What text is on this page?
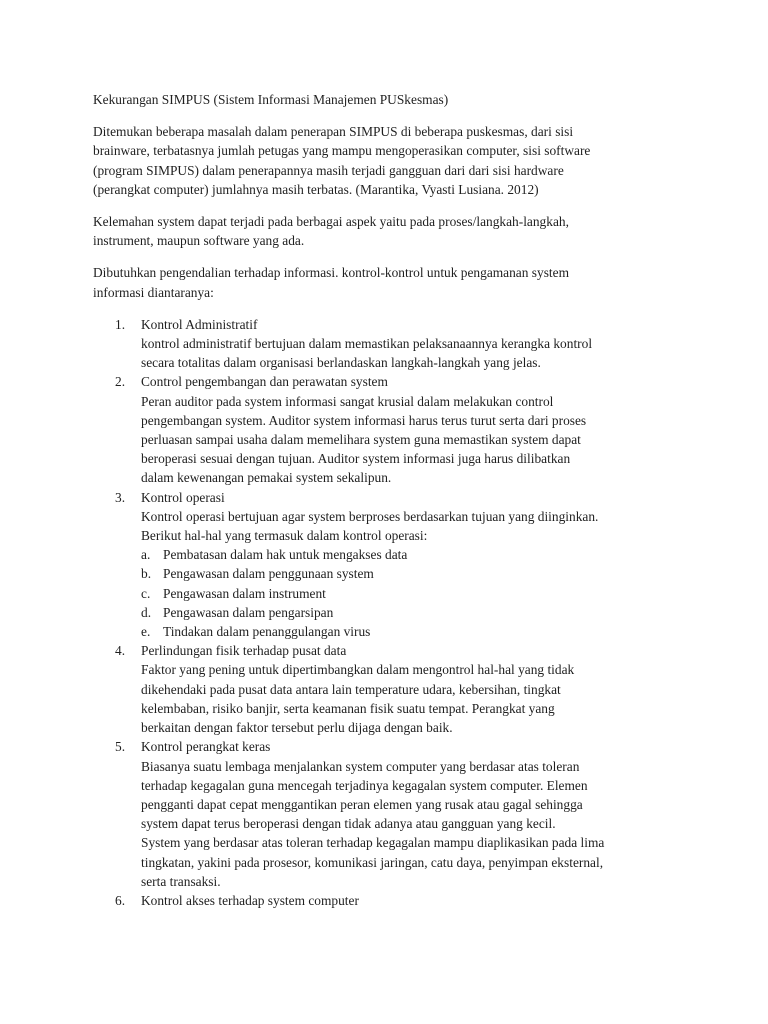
Kekurangan SIMPUS (Sistem Informasi Manajemen PUSkesmas)
Ditemukan beberapa masalah dalam penerapan SIMPUS di beberapa puskesmas, dari sisi
brainware, terbatasnya jumlah petugas yang mampu mengoperasikan computer, sisi software
(program SIMPUS) dalam penerapannya masih terjadi gangguan dari dari sisi hardware
(perangkat computer) jumlahnya masih terbatas. (Marantika, Vyasti Lusiana. 2012)
Kelemahan system dapat terjadi pada berbagai aspek yaitu pada proses/langkah-langkah,
instrument, maupun software yang ada.
Dibutuhkan pengendalian terhadap informasi. kontrol-kontrol untuk pengamanan system
informasi diantaranya:
1. Kontrol Administratif
kontrol administratif bertujuan dalam memastikan pelaksanaannya kerangka kontrol
secara totalitas dalam organisasi berlandaskan langkah-langkah yang jelas.
2. Control pengembangan dan perawatan system
Peran auditor pada system informasi sangat krusial dalam melakukan control
pengembangan system. Auditor system informasi harus terus turut serta dari proses
perluasan sampai usaha dalam memelihara system guna memastikan system dapat
beroperasi sesuai dengan tujuan. Auditor system informasi juga harus dilibatkan
dalam kewenangan pemakai system sekalipun.
3. Kontrol operasi
Kontrol operasi bertujuan agar system berproses berdasarkan tujuan yang diinginkan.
Berikut hal-hal yang termasuk dalam kontrol operasi:
a. Pembatasan dalam hak untuk mengakses data
b. Pengawasan dalam penggunaan system
c. Pengawasan dalam instrument
d. Pengawasan dalam pengarsipan
e. Tindakan dalam penanggulangan virus
4. Perlindungan fisik terhadap pusat data
Faktor yang pening untuk dipertimbangkan dalam mengontrol hal-hal yang tidak
dikehendaki pada pusat data antara lain temperature udara, kebersihan, tingkat
kelembaban, risiko banjir, serta keamanan fisik suatu tempat. Perangkat yang
berkaitan dengan faktor tersebut perlu dijaga dengan baik.
5. Kontrol perangkat keras
Biasanya suatu lembaga menjalankan system computer yang berdasar atas toleran
terhadap kegagalan guna mencegah terjadinya kegagalan system computer. Elemen
pengganti dapat cepat menggantikan peran elemen yang rusak atau gagal sehingga
system dapat terus beroperasi dengan tidak adanya atau gangguan yang kecil.
System yang berdasar atas toleran terhadap kegagalan mampu diaplikasikan pada lima
tingkatan, yakini pada prosesor, komunikasi jaringan, catu daya, penyimpan eksternal,
serta transaksi.
6. Kontrol akses terhadap system computer
